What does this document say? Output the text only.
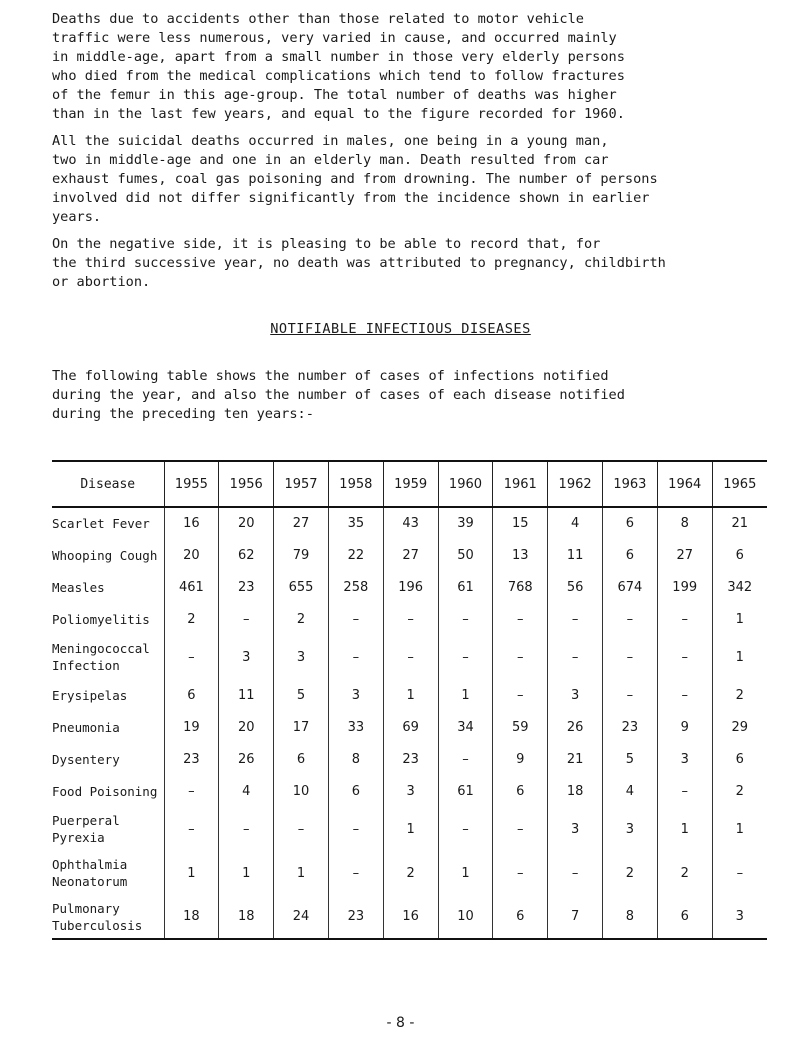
Deaths due to accidents other than those related to motor vehicle
traffic were less numerous, very varied in cause, and occurred mainly
in middle-age, apart from a small number in those very elderly persons
who died from the medical complications which tend to follow fractures
of the femur in this age-group. The total number of deaths was higher
than in the last few years, and equal to the figure recorded for 1960.

All the suicidal deaths occurred in males, one being in a young man,
two in middle-age and one in an elderly man. Death resulted from car
exhaust fumes, coal gas poisoning and from drowning. The number of persons
involved did not differ significantly from the incidence shown in earlier
years.

On the negative side, it is pleasing to be able to record that, for
the third successive year, no death was attributed to pregnancy, childbirth
or abortion.

NOTIFIABLE INFECTIOUS DISEASES

The following table shows the number of cases of infections notified
during the year, and also the number of cases of each disease notified
during the preceding ten years:-

Disease	1955	1956	1957	1958	1959	1960	1961	1962	1963	1964	1965
Scarlet Fever	16	20	27	35	43	39	15	4	6	8	21
Whooping Cough	20	62	79	22	27	50	13	11	6	27	6
Measles	461	23	655	258	196	61	768	56	674	199	342
Poliomyelitis	2	–	2	–	–	–	–	–	–	–	1
Meningococcal
Infection	–	3	3	–	–	–	–	–	–	–	1
Erysipelas	6	11	5	3	1	1	–	3	–	–	2
Pneumonia	19	20	17	33	69	34	59	26	23	9	29
Dysentery	23	26	6	8	23	–	9	21	5	3	6
Food Poisoning	–	4	10	6	3	61	6	18	4	–	2
Puerperal
Pyrexia	–	–	–	–	1	–	–	3	3	1	1
Ophthalmia
Neonatorum	1	1	1	–	2	1	–	–	2	2	–
Pulmonary
Tuberculosis	18	18	24	23	16	10	6	7	8	6	3
- 8 -
